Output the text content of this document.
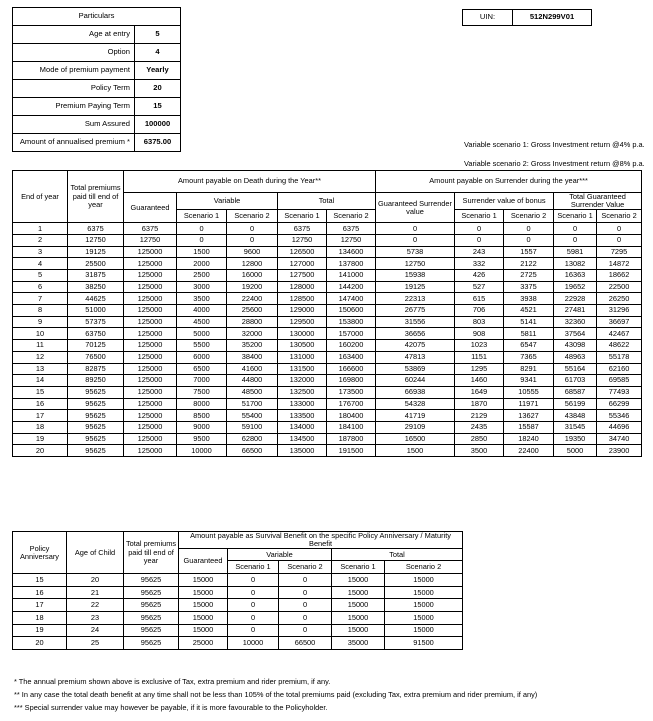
Particulars	
Age at entry	5
Option	4
Mode of premium payment	Yearly
Policy Term	20
Premium Paying Term	15
Sum Assured	100000
Amount of annualised premium *	6375.00
UIN:	512N299V01
Variable scenario 1: Gross Investment return @4% p.a.
Variable scenario 2: Gross Investment return @8% p.a.
End of year	Total premiums paid till end of year	Amount payable on Death during the Year**					Amount payable on Surrender during the year***				
		Guaranteed	Variable		Total		Guaranteed Surrender value	Surrender value of bonus		Total Guaranteed Surrender Value	
			Scenario 1	Scenario 2	Scenario 1	Scenario 2		Scenario 1	Scenario 2	Scenario 1	Scenario 2
1	6375	6375	0	0	6375	6375	0	0	0	0	0
2	12750	12750	0	0	12750	12750	0	0	0	0	0
3	19125	125000	1500	9600	126500	134600	5738	243	1557	5981	7295
4	25500	125000	2000	12800	127000	137800	12750	332	2122	13082	14872
5	31875	125000	2500	16000	127500	141000	15938	426	2725	16363	18662
6	38250	125000	3000	19200	128000	144200	19125	527	3375	19652	22500
7	44625	125000	3500	22400	128500	147400	22313	615	3938	22928	26250
8	51000	125000	4000	25600	129000	150600	26775	706	4521	27481	31296
9	57375	125000	4500	28800	129500	153800	31556	803	5141	32360	36697
10	63750	125000	5000	32000	130000	157000	36656	908	5811	37564	42467
11	70125	125000	5500	35200	130500	160200	42075	1023	6547	43098	48622
12	76500	125000	6000	38400	131000	163400	47813	1151	7365	48963	55178
13	82875	125000	6500	41600	131500	166600	53869	1295	8291	55164	62160
14	89250	125000	7000	44800	132000	169800	60244	1460	9341	61703	69585
15	95625	125000	7500	48500	132500	173500	66938	1649	10555	68587	77493
16	95625	125000	8000	51700	133000	176700	54328	1870	11971	56199	66299
17	95625	125000	8500	55400	133500	180400	41719	2129	13627	43848	55346
18	95625	125000	9000	59100	134000	184100	29109	2435	15587	31545	44696
19	95625	125000	9500	62800	134500	187800	16500	2850	18240	19350	34740
20	95625	125000	10000	66500	135000	191500	1500	3500	22400	5000	23900
Policy Anniversary	Age of Child	Total premiums paid till end of year	Amount payable as Survival Benefit on the specific Policy Anniversary / Maturity Benefit				
			Guaranteed	Variable		Total	
				Scenario 1	Scenario 2	Scenario 1	Scenario 2
15	20	95625	15000	0	0	15000	15000
16	21	95625	15000	0	0	15000	15000
17	22	95625	15000	0	0	15000	15000
18	23	95625	15000	0	0	15000	15000
19	24	95625	15000	0	0	15000	15000
20	25	95625	25000	10000	66500	35000	91500
* The annual premium shown above is exclusive of Tax, extra premium and rider premium, if any.
** In any case the total death benefit at any time shall not be less than 105% of the total premiums paid (excluding Tax, extra premium and rider premium, if any)
*** Special surrender value may however be payable, if it is more favourable to the Policyholder.
